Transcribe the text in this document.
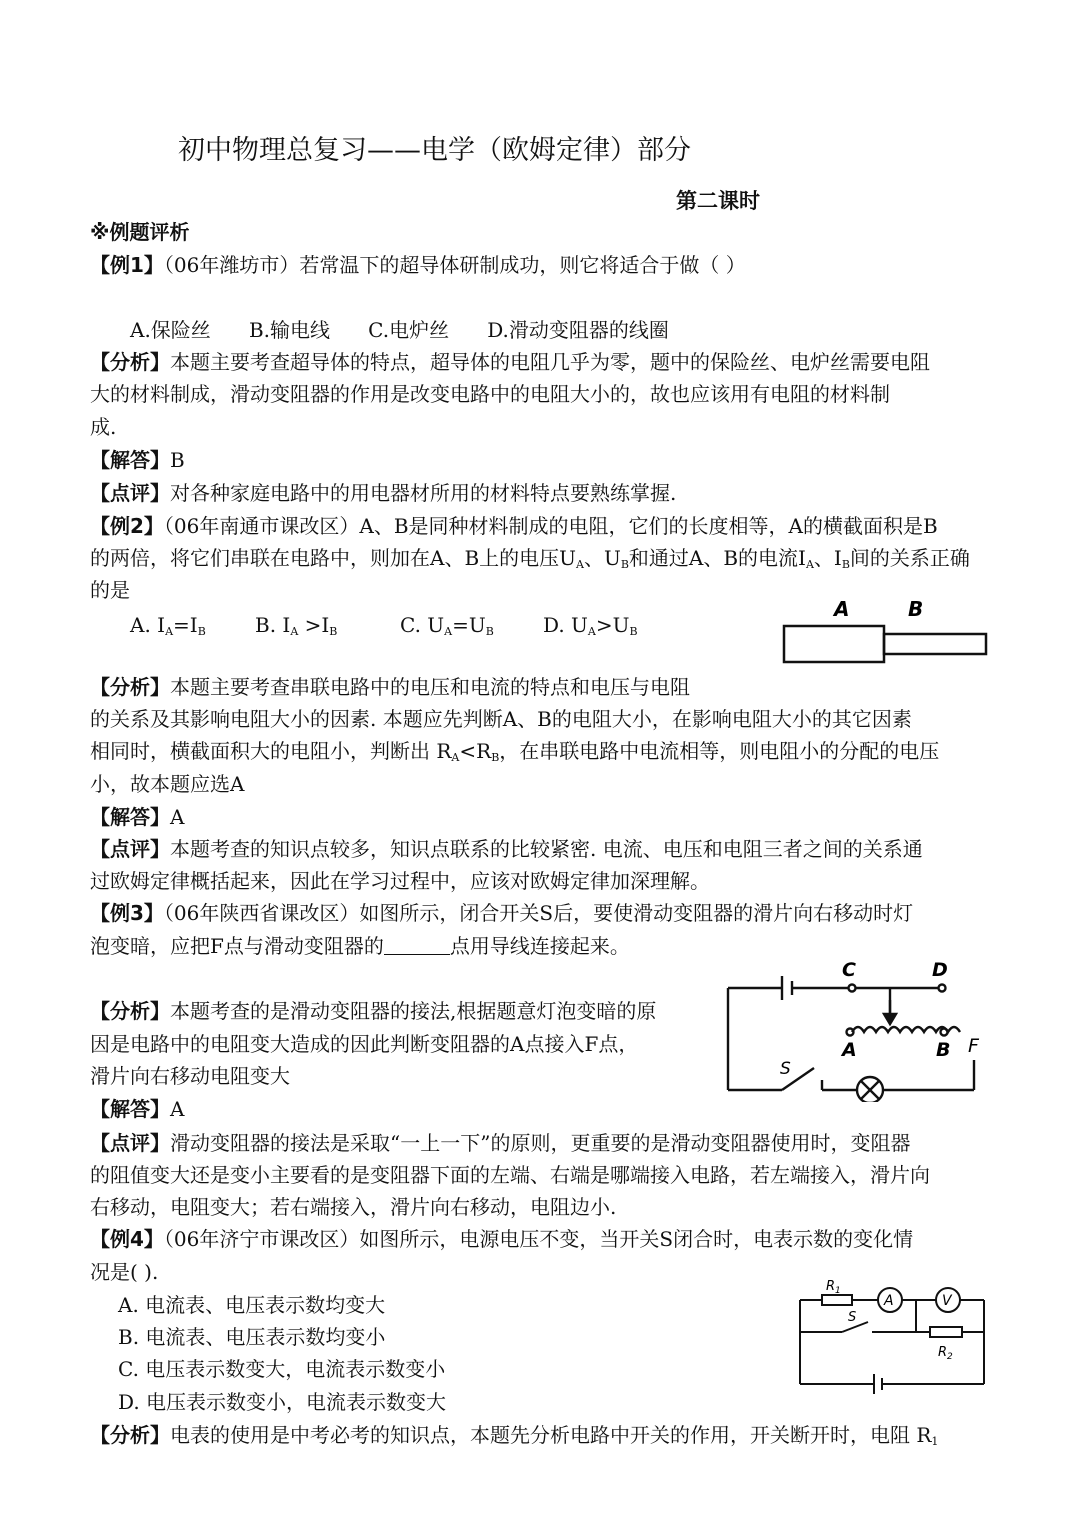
初中物理总复习——电学（欧姆定律）部分
第二课时
※例题评析
【例1】（06年潍坊市）若常温下的超导体研制成功，则它将适合于做（ ）
A.保险丝      B.输电线      C.电炉丝      D.滑动变阻器的线圈
【分析】本题主要考查超导体的特点，超导体的电阻几乎为零，题中的保险丝、电炉丝需要电阻
大的材料制成，滑动变阻器的作用是改变电路中的电阻大小的，故也应该用有电阻的材料制
成.
【解答】B
【点评】对各种家庭电路中的用电器材所用的材料特点要熟练掌握.
【例2】（06年南通市课改区）A、B是同种材料制成的电阻，它们的长度相等，A的横截面积是B
的两倍，将它们串联在电路中，则加在A、B上的电压$U_A$、$U_B$和通过A、B的电流$I_A$、$I_B$间的关系正确
的是
A. $I_A=I_B$ B. $I_A >I_B$	C. $U_A=U_B$ D. $U_A>U_B$
A	B
【分析】本题主要考查串联电路中的电压和电流的特点和电压与电阻
的关系及其影响电阻大小的因素. 本题应先判断A、B的电阻大小，在影响电阻大小的其它因素
相同时，横截面积大的电阻小，判断出 $R_A<R_B$，在串联电路中电流相等，则电阻小的分配的电压
小，故本题应选A
【解答】A
【点评】本题考查的知识点较多，知识点联系的比较紧密. 电流、电压和电阻三者之间的关系通
过欧姆定律概括起来，因此在学习过程中，应该对欧姆定律加深理解。
【例3】（06年陕西省课改区）如图所示，闭合开关S后，要使滑动变阻器的滑片向右移动时灯
泡变暗，应把F点与滑动变阻器的	点用导线连接起来。
【分析】本题考查的是滑动变阻器的接法,根据题意灯泡变暗的原
因是电路中的电阻变大造成的因此判断变阻器的A点接入F点，
滑片向右移动电阻变大
C	D
A	B F
S
【解答】A
【点评】滑动变阻器的接法是采取“一上一下”的原则，更重要的是滑动变阻器使用时，变阻器
的阻值变大还是变小主要看的是变阻器下面的左端、右端是哪端接入电路，若左端接入，滑片向
右移动，电阻变大；若右端接入，滑片向右移动，电阻边小.
【例4】（06年济宁市课改区）如图所示，电源电压不变，当开关S闭合时，电表示数的变化情
况是( ).
A. 电流表、电压表示数均变大
B. 电流表、电压表示数均变小
C. 电压表示数变大，电流表示数变小
D. 电压表示数变小，电流表示数变大
$R_1$
A	V
S
$R_2$
【分析】电表的使用是中考必考的知识点，本题先分析电路中开关的作用，开关断开时，电阻 $R_1$
